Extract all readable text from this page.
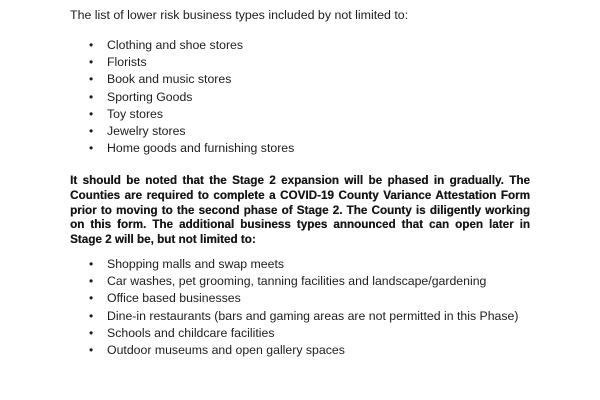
The list of lower risk business types included by not limited to:
• Clothing and shoe stores
• Florists
• Book and music stores
• Sporting Goods
• Toy stores
• Jewelry stores
• Home goods and furnishing stores
It should be noted that the Stage 2 expansion will be phased in gradually. The
Counties are required to complete a COVID-19 County Variance Attestation Form
prior to moving to the second phase of Stage 2. The County is diligently working
on this form. The additional business types announced that can open later in
Stage 2 will be, but not limited to:
• Shopping malls and swap meets
• Car washes, pet grooming, tanning facilities and landscape/gardening
• Office based businesses
• Dine-in restaurants (bars and gaming areas are not permitted in this Phase)
• Schools and childcare facilities
• Outdoor museums and open gallery spaces
